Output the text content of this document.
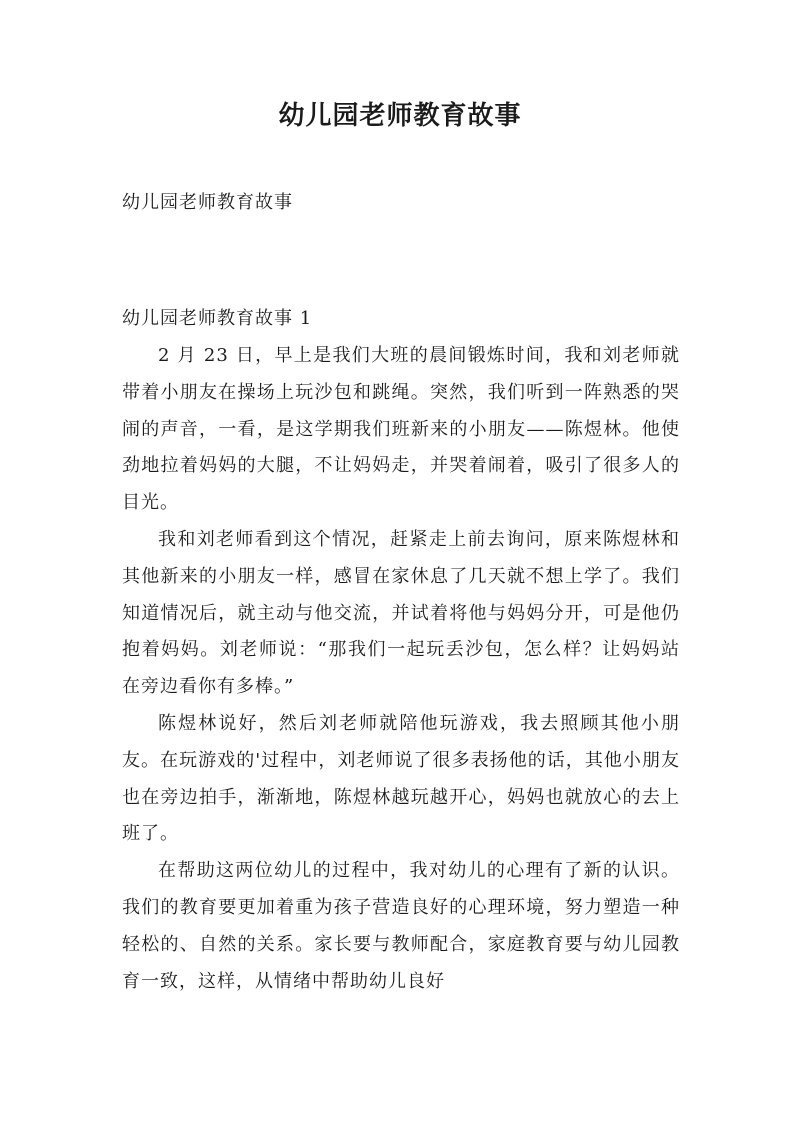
幼儿园老师教育故事
幼儿园老师教育故事
幼儿园老师教育故事 1

2 月 23 日，早上是我们大班的晨间锻炼时间，我和刘老师就带着小朋友在操场上玩沙包和跳绳。突然，我们听到一阵熟悉的哭闹的声音，一看，是这学期我们班新来的小朋友——陈煜林。他使劲地拉着妈妈的大腿，不让妈妈走，并哭着闹着，吸引了很多人的目光。

我和刘老师看到这个情况，赶紧走上前去询问，原来陈煜林和其他新来的小朋友一样，感冒在家休息了几天就不想上学了。我们知道情况后，就主动与他交流，并试着将他与妈妈分开，可是他仍抱着妈妈。刘老师说：“那我们一起玩丢沙包，怎么样？让妈妈站在旁边看你有多棒。”

陈煜林说好，然后刘老师就陪他玩游戏，我去照顾其他小朋友。在玩游戏的'过程中，刘老师说了很多表扬他的话，其他小朋友也在旁边拍手，渐渐地，陈煜林越玩越开心，妈妈也就放心的去上班了。

在帮助这两位幼儿的过程中，我对幼儿的心理有了新的认识。我们的教育要更加着重为孩子营造良好的心理环境，努力塑造一种轻松的、自然的关系。家长要与教师配合，家庭教育要与幼儿园教育一致，这样，从情绪中帮助幼儿良好
